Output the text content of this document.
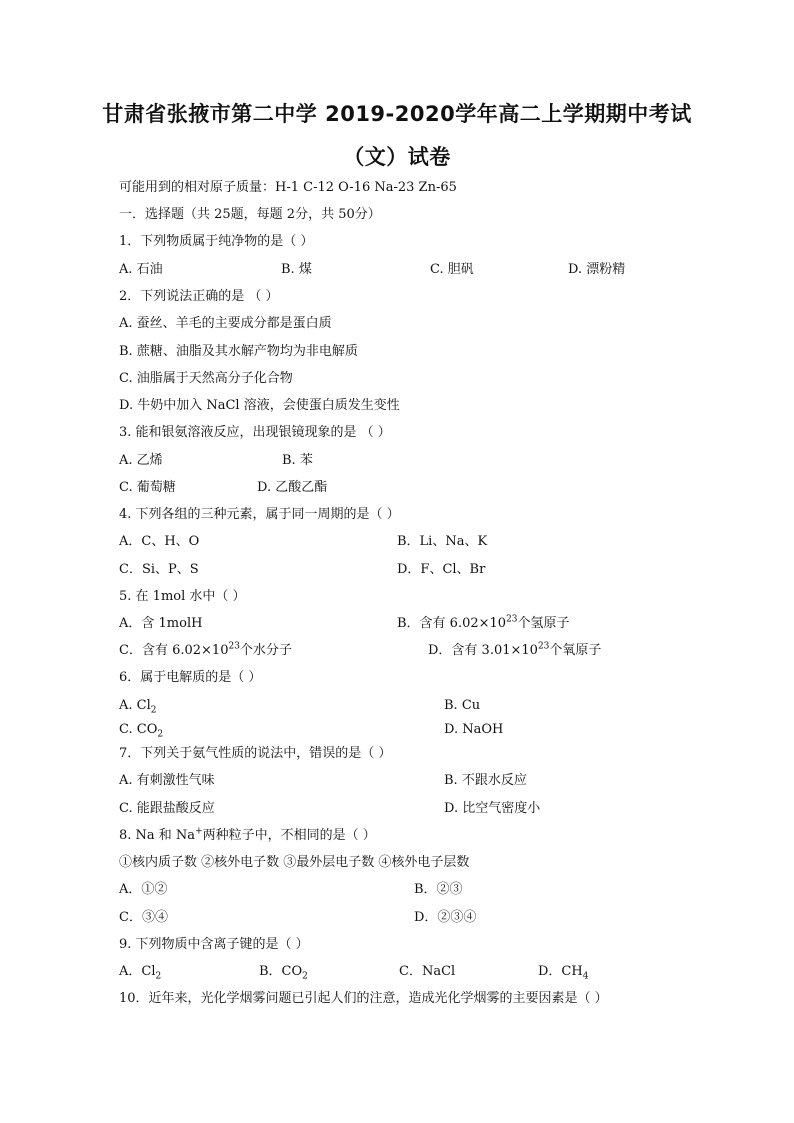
甘肃省张掖市第二中学 2019-2020学年高二上学期期中考试
（文）试卷
可能用到的相对原子质量：H-1 C-12 O-16 Na-23 Zn-65
一．选择题（共 25题，每题 2分，共 50分）
1．下列物质属于纯净物的是（ ）
A. 石油	B. 煤	C. 胆矾	D. 漂粉精
2．下列说法正确的是 （ ）
A. 蚕丝、羊毛的主要成分都是蛋白质
B. 蔗糖、油脂及其水解产物均为非电解质
C. 油脂属于天然高分子化合物
D. 牛奶中加入 NaCl 溶液，会使蛋白质发生变性
3. 能和银氨溶液反应，出现银镜现象的是 （ ）
A. 乙烯	B. 苯
C. 葡萄糖	D. 乙酸乙酯
4. 下列各组的三种元素，属于同一周期的是（ ）
A．C、H、O	B．Li、Na、K
C．Si、P、S	D．F、Cl、Br
5. 在 1mol 水中（ ）
A．含 1molH	B．含有 $6.02\times 10^{23}$个氢原子
C．含有 $6.02\times 10^{23}$个水分子	D．含有 $3.01\times 10^{23}$个氧原子
6．属于电解质的是（ ）
A. $Cl_2$	B. Cu
C. $CO_2$	D. NaOH
7．下列关于氨气性质的说法中，错误的是（ ）
A. 有刺激性气味	B. 不跟水反应
C. 能跟盐酸反应	D. 比空气密度小
8. Na 和 Na+两种粒子中，不相同的是（ ）
①核内质子数 ②核外电子数 ③最外层电子数 ④核外电子层数
A．①②	B．②③
C．③④	D．②③④
9. 下列物质中含离子键的是（ ）
A．$Cl_2$	B．$CO_2$	C．NaCl	D．$CH_4$
10．近年来，光化学烟雾问题已引起人们的注意，造成光化学烟雾的主要因素是（ ）
